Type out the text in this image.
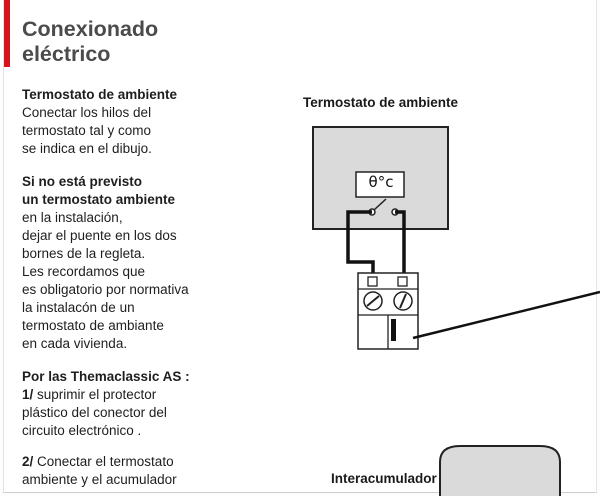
Conexionado
eléctrico

Termostato de ambiente
Conectar los hilos del
termostato tal y como
se indica en el dibujo.

Si no está previsto
un termostato ambiente
en la instalación,
dejar el puente en los dos
bornes de la regleta.
Les recordamos que
es obligatorio por normativa
la instalacón de un
termostato de ambiante
en cada vivienda.

Por las Themaclassic AS :
1/ suprimir el protector
plástico del conector del
circuito electrónico .
2/ Conectar el termostato
ambiente y el acumulador

Termostato de ambiente
θ°c
Interacumulador
